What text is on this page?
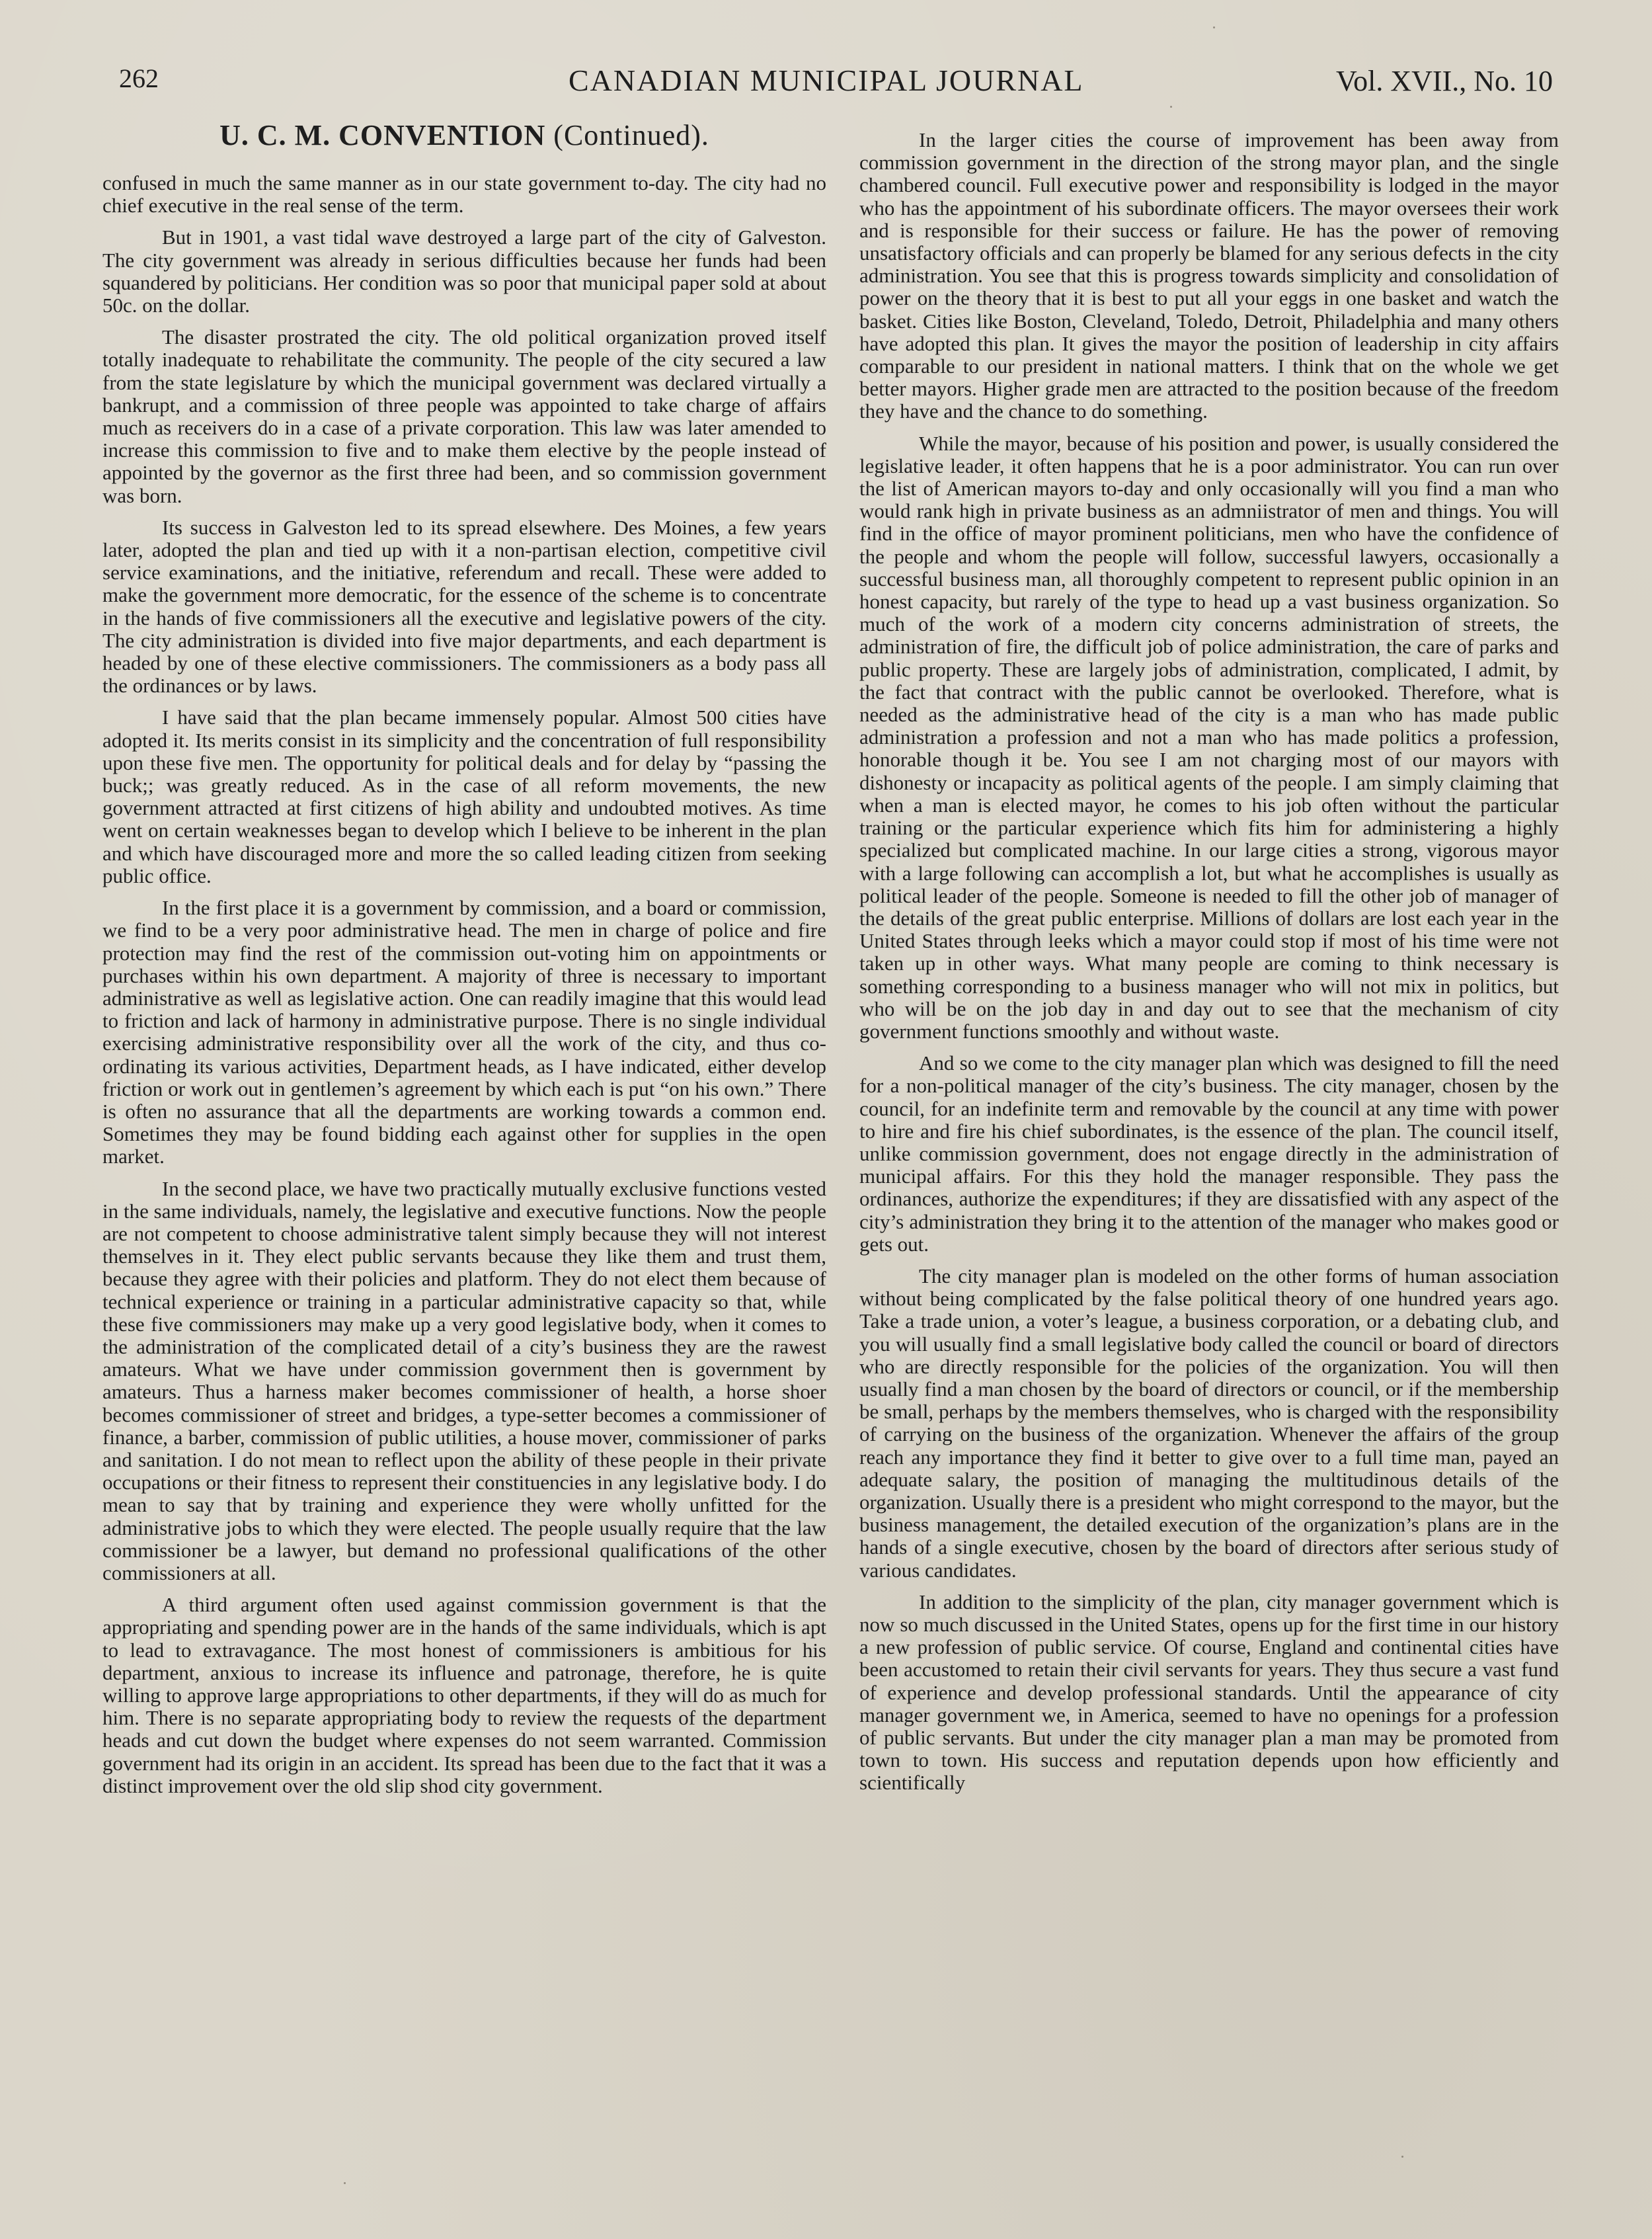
262	CANADIAN MUNICIPAL JOURNAL	Vol. XVII., No. 10
U. C. M. CONVENTION (Continued).

confused in much the same manner as in our state government to-day. The city had no chief executive in the real sense of the term.

But in 1901, a vast tidal wave destroyed a large part of the city of Galveston. The city government was already in serious difficulties because her funds had been squandered by politicians. Her condition was so poor that municipal paper sold at about 50c. on the dollar.

The disaster prostrated the city. The old political organization proved itself totally inadequate to rehabilitate the community. The people of the city secured a law from the state legislature by which the municipal government was declared virtually a bankrupt, and a commission of three people was appointed to take charge of affairs much as receivers do in a case of a private corporation. This law was later amended to increase this commission to five and to make them elective by the people instead of appointed by the governor as the first three had been, and so commission government was born.

Its success in Galveston led to its spread elsewhere. Des Moines, a few years later, adopted the plan and tied up with it a non-partisan election, competitive civil service examinations, and the initiative, referendum and recall. These were added to make the government more democratic, for the essence of the scheme is to concentrate in the hands of five commissioners all the executive and legislative powers of the city. The city administration is divided into five major departments, and each department is headed by one of these elective commissioners. The commissioners as a body pass all the ordinances or by laws.

I have said that the plan became immensely popular. Almost 500 cities have adopted it. Its merits consist in its simplicity and the concentration of full responsibility upon these five men. The opportunity for political deals and for delay by “passing the buck;; was greatly reduced. As in the case of all reform movements, the new government attracted at first citizens of high ability and undoubted motives. As time went on certain weaknesses began to develop which I believe to be inherent in the plan and which have discouraged more and more the so called leading citizen from seeking public office.

In the first place it is a government by commission, and a board or commission, we find to be a very poor administrative head. The men in charge of police and fire protection may find the rest of the commission out-voting him on appointments or purchases within his own department. A majority of three is necessary to important administrative as well as legislative action. One can readily imagine that this would lead to friction and lack of harmony in administrative purpose. There is no single individual exercising administrative responsibility over all the work of the city, and thus co-ordinating its various activities, Department heads, as I have indicated, either develop friction or work out in gentlemen’s agreement by which each is put “on his own.” There is often no assurance that all the departments are working towards a common end. Sometimes they may be found bidding each against other for supplies in the open market.

In the second place, we have two practically mutually exclusive functions vested in the same individuals, namely, the legislative and executive functions. Now the people are not competent to choose administrative talent simply because they will not interest themselves in it. They elect public servants because they like them and trust them, because they agree with their policies and platform. They do not elect them because of technical experience or training in a particular administrative capacity so that, while these five commissioners may make up a very good legislative body, when it comes to the administration of the complicated detail of a city’s business they are the rawest amateurs. What we have under commission government then is government by amateurs. Thus a harness maker becomes commissioner of health, a horse shoer becomes commissioner of street and bridges, a type-setter becomes a commissioner of finance, a barber, commission of public utilities, a house mover, commissioner of parks and sanitation. I do not mean to reflect upon the ability of these people in their private occupations or their fitness to represent their constituencies in any legislative body. I do mean to say that by training and experience they were wholly unfitted for the administrative jobs to which they were elected. The people usually require that the law commissioner be a lawyer, but demand no professional qualifications of the other commissioners at all.

A third argument often used against commission government is that the appropriating and spending power are in the hands of the same individuals, which is apt to lead to extravagance. The most honest of commissioners is ambitious for his department, anxious to increase its influence and patronage, therefore, he is quite willing to approve large appropriations to other departments, if they will do as much for him. There is no separate appropriating body to review the requests of the department heads and cut down the budget where expenses do not seem warranted. Commission government had its origin in an accident. Its spread has been due to the fact that it was a distinct improvement over the old slip shod city government.

In the larger cities the course of improvement has been away from commission government in the direction of the strong mayor plan, and the single chambered council. Full executive power and responsibility is lodged in the mayor who has the appointment of his subordinate officers. The mayor oversees their work and is responsible for their success or failure. He has the power of removing unsatisfactory officials and can properly be blamed for any serious defects in the city administration. You see that this is progress towards simplicity and consolidation of power on the theory that it is best to put all your eggs in one basket and watch the basket. Cities like Boston, Cleveland, Toledo, Detroit, Philadelphia and many others have adopted this plan. It gives the mayor the position of leadership in city affairs comparable to our president in national matters. I think that on the whole we get better mayors. Higher grade men are attracted to the position because of the freedom they have and the chance to do something.

While the mayor, because of his position and power, is usually considered the legislative leader, it often happens that he is a poor administrator. You can run over the list of American mayors to-day and only occasionally will you find a man who would rank high in private business as an admniistrator of men and things. You will find in the office of mayor prominent politicians, men who have the confidence of the people and whom the people will follow, successful lawyers, occasionally a successful business man, all thoroughly competent to represent public opinion in an honest capacity, but rarely of the type to head up a vast business organization. So much of the work of a modern city concerns administration of streets, the administration of fire, the difficult job of police administration, the care of parks and public property. These are largely jobs of administration, complicated, I admit, by the fact that contract with the public cannot be overlooked. Therefore, what is needed as the administrative head of the city is a man who has made public administration a profession and not a man who has made politics a profession, honorable though it be. You see I am not charging most of our mayors with dishonesty or incapacity as political agents of the people. I am simply claiming that when a man is elected mayor, he comes to his job often without the particular training or the particular experience which fits him for administering a highly specialized but complicated machine. In our large cities a strong, vigorous mayor with a large following can accomplish a lot, but what he accomplishes is usually as political leader of the people. Someone is needed to fill the other job of manager of the details of the great public enterprise. Millions of dollars are lost each year in the United States through leeks which a mayor could stop if most of his time were not taken up in other ways. What many people are coming to think necessary is something corresponding to a business manager who will not mix in politics, but who will be on the job day in and day out to see that the mechanism of city government functions smoothly and without waste.

And so we come to the city manager plan which was designed to fill the need for a non-political manager of the city’s business. The city manager, chosen by the council, for an indefinite term and removable by the council at any time with power to hire and fire his chief subordinates, is the essence of the plan. The council itself, unlike commission government, does not engage directly in the administration of municipal affairs. For this they hold the manager responsible. They pass the ordinances, authorize the expenditures; if they are dissatisfied with any aspect of the city’s administration they bring it to the attention of the manager who makes good or gets out.

The city manager plan is modeled on the other forms of human association without being complicated by the false political theory of one hundred years ago. Take a trade union, a voter’s league, a business corporation, or a debating club, and you will usually find a small legislative body called the council or board of directors who are directly responsible for the policies of the organization. You will then usually find a man chosen by the board of directors or council, or if the membership be small, perhaps by the members themselves, who is charged with the responsibility of carrying on the business of the organization. Whenever the affairs of the group reach any importance they find it better to give over to a full time man, payed an adequate salary, the position of managing the multitudinous details of the organization. Usually there is a president who might correspond to the mayor, but the business management, the detailed execution of the organization’s plans are in the hands of a single executive, chosen by the board of directors after serious study of various candidates.

In addition to the simplicity of the plan, city manager government which is now so much discussed in the United States, opens up for the first time in our history a new profession of public service. Of course, England and continental cities have been accustomed to retain their civil servants for years. They thus secure a vast fund of experience and develop professional standards. Until the appearance of city manager government we, in America, seemed to have no openings for a profession of public servants. But under the city manager plan a man may be promoted from town to town. His success and reputation depends upon how efficiently and scientifically
